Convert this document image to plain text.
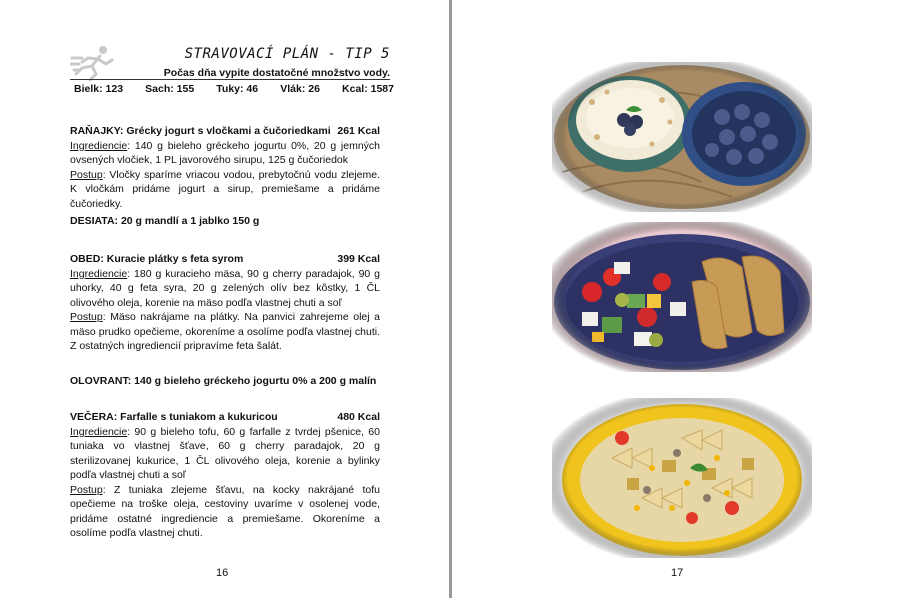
STRAVOVACÍ PLÁN - TIP 5
Počas dňa vypite dostatočné množstvo vody.
Bielk: 123 Sach: 155 Tuky: 46 Vlák: 26 Kcal: 1587
RAŇAJKY: Grécky jogurt s vločkami a čučoriedkami 261 Kcal
Ingrediencie: 140 g bieleho gréckeho jogurtu 0%, 20 g jemných ovsených vločiek, 1 PL javorového sirupu, 125 g čučoriedok
Postup: Vločky sparíme vriacou vodou, prebytočnú vodu zlejeme. K vločkám pridáme jogurt a sirup, premiešame a pridáme čučoriedky.
DESIATA: 20 g mandlí a 1 jablko 150 g
OBED: Kuracie plátky s feta syrom	399 Kcal
Ingrediencie: 180 g kuracieho mäsa, 90 g cherry paradajok, 90 g uhorky, 40 g feta syra, 20 g zelených olív bez kôstky, 1 ČL olivového oleja, korenie na mäso podľa vlastnej chuti a soľ
Postup: Mäso nakrájame na plátky. Na panvici zahrejeme olej a mäso prudko opečieme, okoreníme a osolíme podľa vlastnej chuti. Z ostatných ingrediencií pripravíme feta šalát.
OLOVRANT: 140 g bieleho gréckeho jogurtu 0% a 200 g malín
VEČERA: Farfalle s tuniakom a kukuricou	480 Kcal
Ingrediencie: 90 g bieleho tofu, 60 g farfalle z tvrdej pšenice, 60 tuniaka vo vlastnej šťave, 60 g cherry paradajok, 20 g sterilizovanej kukurice, 1 ČL olivového oleja, korenie a bylinky podľa vlastnej chuti a soľ
Postup: Z tuniaka zlejeme šťavu, na kocky nakrájané tofu opečieme na troške oleja, cestoviny uvaríme v osolenej vode, pridáme ostatné ingrediencie a premiešame. Okoreníme a osolíme podľa vlastnej chuti.
16	17
